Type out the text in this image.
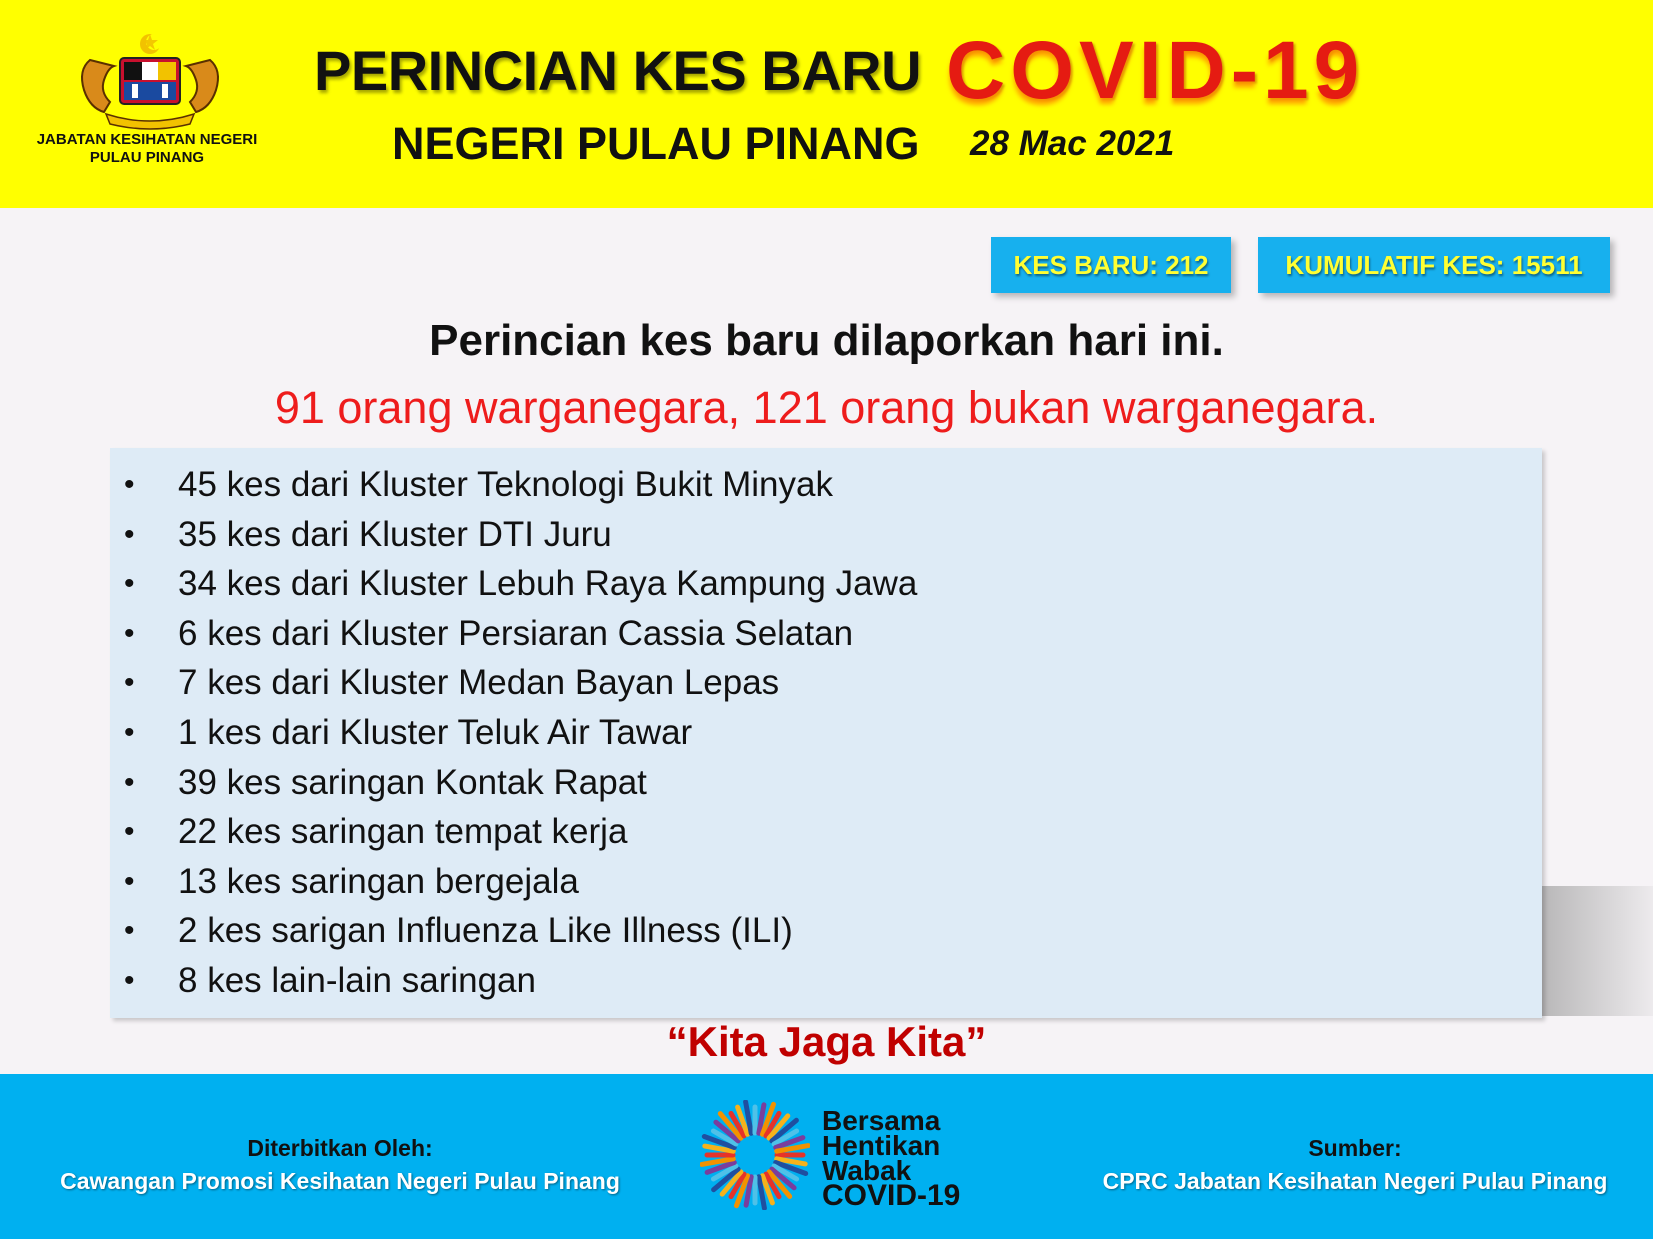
JABATAN KESIHATAN NEGERI
PULAU PINANG
PERINCIAN KES BARU COVID-19
NEGERI PULAU PINANG 28 Mac 2021
KES BARU: 212	KUMULATIF KES: 15511
Perincian kes baru dilaporkan hari ini.
91 orang warganegara, 121 orang bukan warganegara.
• 45 kes dari Kluster Teknologi Bukit Minyak
• 35 kes dari Kluster DTI Juru
• 34 kes dari Kluster Lebuh Raya Kampung Jawa
• 6 kes dari Kluster Persiaran Cassia Selatan
• 7 kes dari Kluster Medan Bayan Lepas
• 1 kes dari Kluster Teluk Air Tawar
• 39 kes saringan Kontak Rapat
• 22 kes saringan tempat kerja
• 13 kes saringan bergejala
• 2 kes sarigan Influenza Like Illness (ILI)
• 8 kes lain-lain saringan
“Kita Jaga Kita”
Diterbitkan Oleh:
Cawangan Promosi Kesihatan Negeri Pulau Pinang
Bersama
Hentikan
Wabak
COVID-19
Sumber:
CPRC Jabatan Kesihatan Negeri Pulau Pinang
